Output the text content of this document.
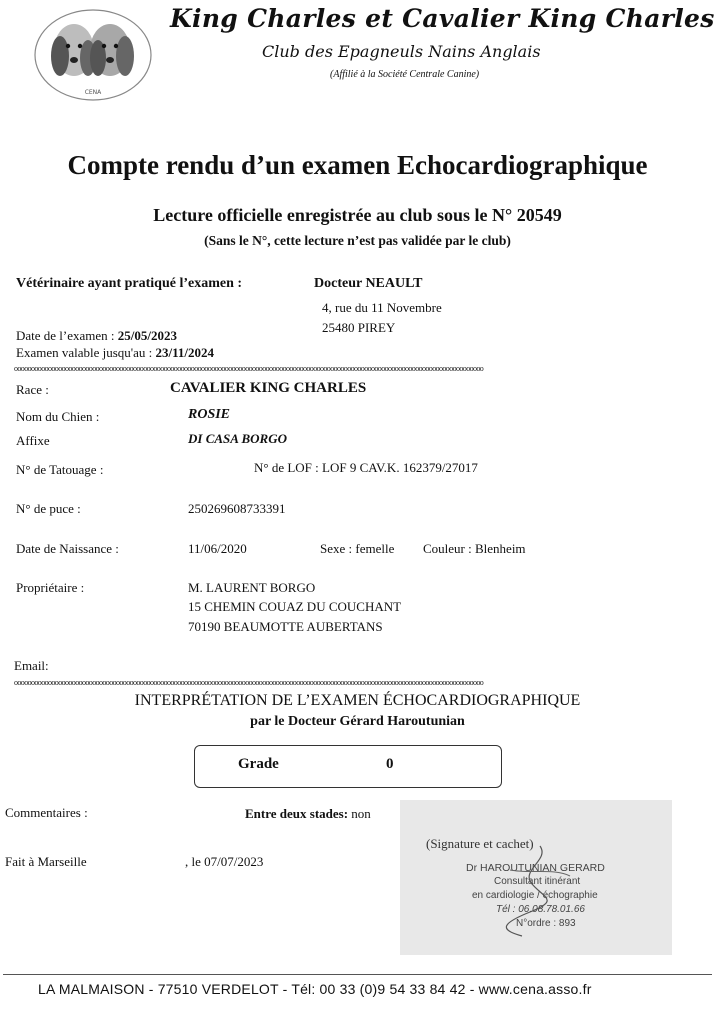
CENA
King Charles et Cavalier King Charles
Club des Epagneuls Nains Anglais
(Affilié à la Société Centrale Canine)
Compte rendu d’un examen Echocardiographique
Lecture officielle enregistrée au club sous le N° 20549
(Sans le N°, cette lecture n’est pas validée par le club)
Vétérinaire ayant pratiqué l’examen :	Docteur NEAULT
4, rue du 11 Novembre
25480 PIREY
Date de l’examen : 25/05/2023
Examen valable jusqu'au : 23/11/2024
oooooooooooooooooooooooooooooooooooooooooooooooooooooooooooooooooooooooooooooooooooooooooooooooooooooooooooooooooooooooooooooooooooooooooo
Race :	CAVALIER KING CHARLES
Nom du Chien :	ROSIE
Affixe	DI CASA BORGO
N° de Tatouage :	N° de LOF : LOF 9 CAV.K. 162379/27017
N° de puce :	250269608733391
Date de Naissance :	11/06/2020	Sexe : femelle Couleur : Blenheim
Propriétaire :	M. LAURENT BORGO
15 CHEMIN COUAZ DU COUCHANT
70190 BEAUMOTTE AUBERTANS
Email:
oooooooooooooooooooooooooooooooooooooooooooooooooooooooooooooooooooooooooooooooooooooooooooooooooooooooooooooooooooooooooooooooooooooooooo
INTERPRÉTATION DE L’EXAMEN ÉCHOCARDIOGRAPHIQUE
par le Docteur Gérard Haroutunian
Grade	0
(Signature et cachet)
Dr HAROUTUNIAN GERARD
Consultant itinérant
en cardiologie / échographie
Tél : 06.08.78.01.66
N°ordre : 893
Commentaires :	Entre deux stades: non
Fait à Marseille	, le 07/07/2023
LA MALMAISON - 77510 VERDELOT - Tél: 00 33 (0)9 54 33 84 42 - www.cena.asso.fr
